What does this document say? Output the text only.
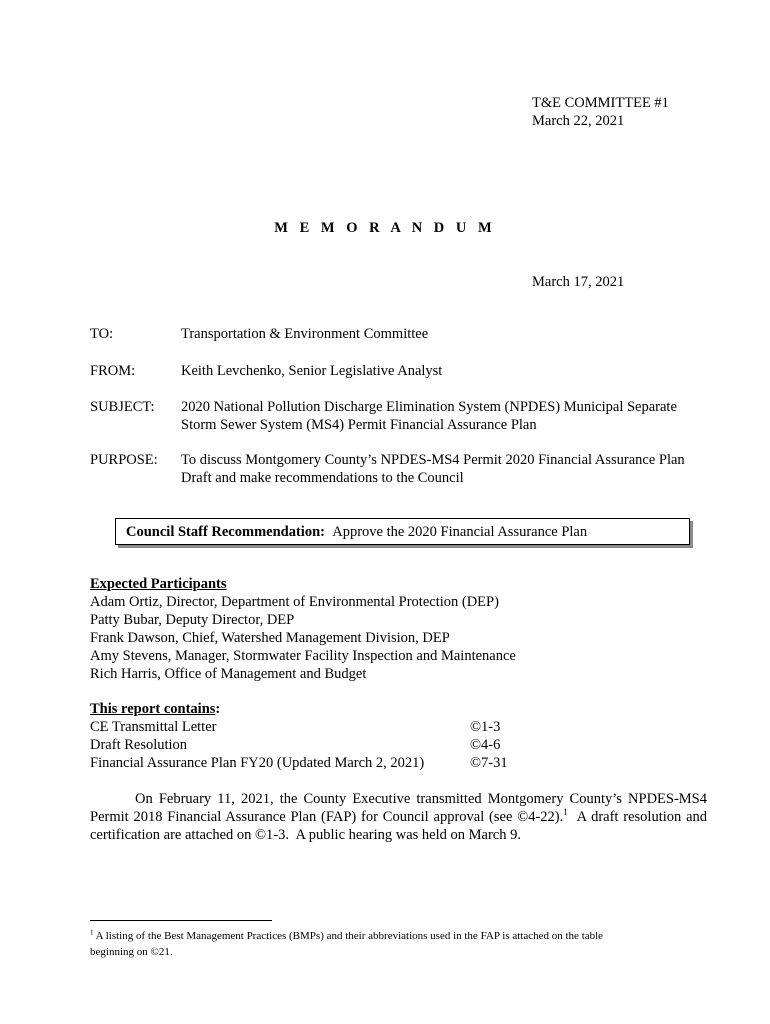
T&E COMMITTEE #1
March 22, 2021
M E M O R A N D U M
March 17, 2021
TO:	Transportation & Environment Committee
FROM:	Keith Levchenko, Senior Legislative Analyst
SUBJECT: 2020 National Pollution Discharge Elimination System (NPDES) Municipal Separate
Storm Sewer System (MS4) Permit Financial Assurance Plan
PURPOSE: To discuss Montgomery County’s NPDES-MS4 Permit 2020 Financial Assurance Plan
Draft and make recommendations to the Council
Council Staff Recommendation: Approve the 2020 Financial Assurance Plan
Expected Participants
Adam Ortiz, Director, Department of Environmental Protection (DEP)
Patty Bubar, Deputy Director, DEP
Frank Dawson, Chief, Watershed Management Division, DEP
Amy Stevens, Manager, Stormwater Facility Inspection and Maintenance
Rich Harris, Office of Management and Budget
This report contains:
CE Transmittal Letter	©1-3
Draft Resolution	©4-6
Financial Assurance Plan FY20 (Updated March 2, 2021)	©7-31

On February 11, 2021, the County Executive transmitted Montgomery County’s NPDES-MS4 Permit 2018 Financial Assurance Plan (FAP) for Council approval (see ©4-22).$^1$  A draft resolution and certification are attached on ©1-3.  A public hearing was held on March 9.

$^1$ A listing of the Best Management Practices (BMPs) and their abbreviations used in the FAP is attached on the table
beginning on ©21.
